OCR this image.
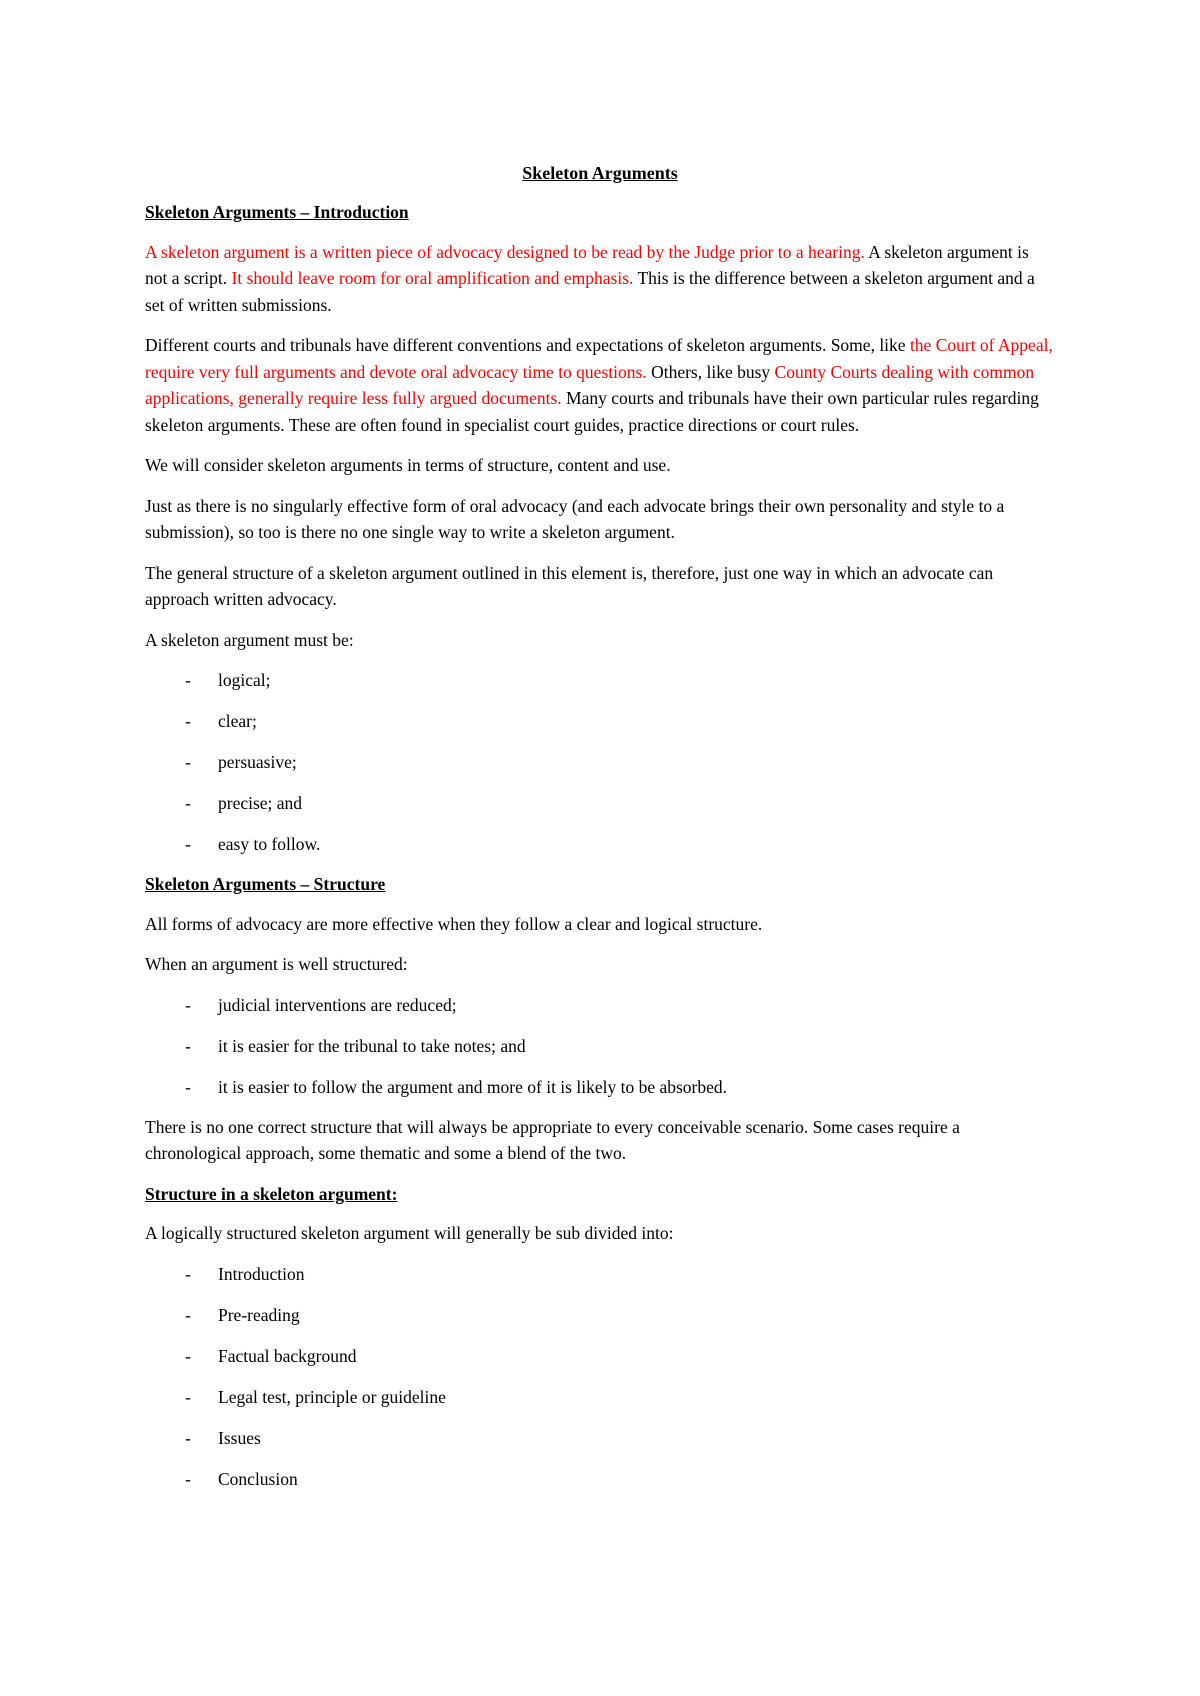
Skeleton Arguments
Skeleton Arguments – Introduction

A skeleton argument is a written piece of advocacy designed to be read by the Judge prior to a hearing. A skeleton argument is not a script. It should leave room for oral amplification and emphasis. This is the difference between a skeleton argument and a set of written submissions.

Different courts and tribunals have different conventions and expectations of skeleton arguments. Some, like the Court of Appeal, require very full arguments and devote oral advocacy time to questions. Others, like busy County Courts dealing with common applications, generally require less fully argued documents. Many courts and tribunals have their own particular rules regarding skeleton arguments. These are often found in specialist court guides, practice directions or court rules.

We will consider skeleton arguments in terms of structure, content and use.

Just as there is no singularly effective form of oral advocacy (and each advocate brings their own personality and style to a submission), so too is there no one single way to write a skeleton argument.

The general structure of a skeleton argument outlined in this element is, therefore, just one way in which an advocate can approach written advocacy.

A skeleton argument must be:

- logical;
- clear;
- persuasive;
- precise; and
- easy to follow.
Skeleton Arguments – Structure

All forms of advocacy are more effective when they follow a clear and logical structure.

When an argument is well structured:

- judicial interventions are reduced;
- it is easier for the tribunal to take notes; and
- it is easier to follow the argument and more of it is likely to be absorbed.

There is no one correct structure that will always be appropriate to every conceivable scenario. Some cases require a chronological approach, some thematic and some a blend of the two.

Structure in a skeleton argument:

A logically structured skeleton argument will generally be sub divided into:

- Introduction
- Pre-reading
- Factual background
- Legal test, principle or guideline
- Issues
- Conclusion
